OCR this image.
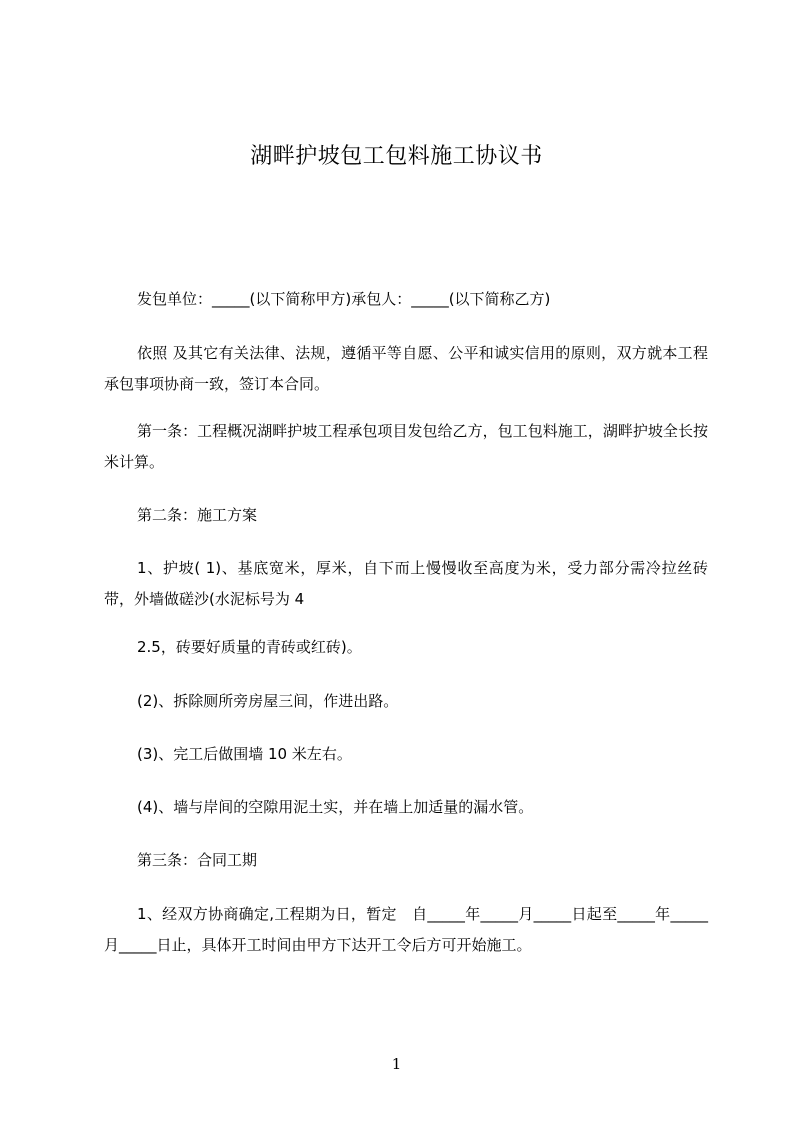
湖畔护坡包工包料施工协议书

发包单位：_____(以下简称甲方)承包人：_____(以下简称乙方)

依照 及其它有关法律、法规，遵循平等自愿、公平和诚实信用的原则，双方就本工程承包事项协商一致，签订本合同。

第一条：工程概况湖畔护坡工程承包项目发包给乙方，包工包料施工，湖畔护坡全长按米计算。

第二条：施工方案

1、护坡( 1)、基底宽米，厚米，自下而上慢慢收至高度为米，受力部分需冷拉丝砖带，外墙做磋沙(水泥标号为 4

2.5，砖要好质量的青砖或红砖)。

(2)、拆除厕所旁房屋三间，作进出路。

(3)、完工后做围墙 10 米左右。

(4)、墙与岸间的空隙用泥土实，并在墙上加适量的漏水管。

第三条：合同工期

1、经双方协商确定,工程期为日，暂定　自_____年_____月_____日起至_____年_____月_____日止，具体开工时间由甲方下达开工令后方可开始施工。

1
